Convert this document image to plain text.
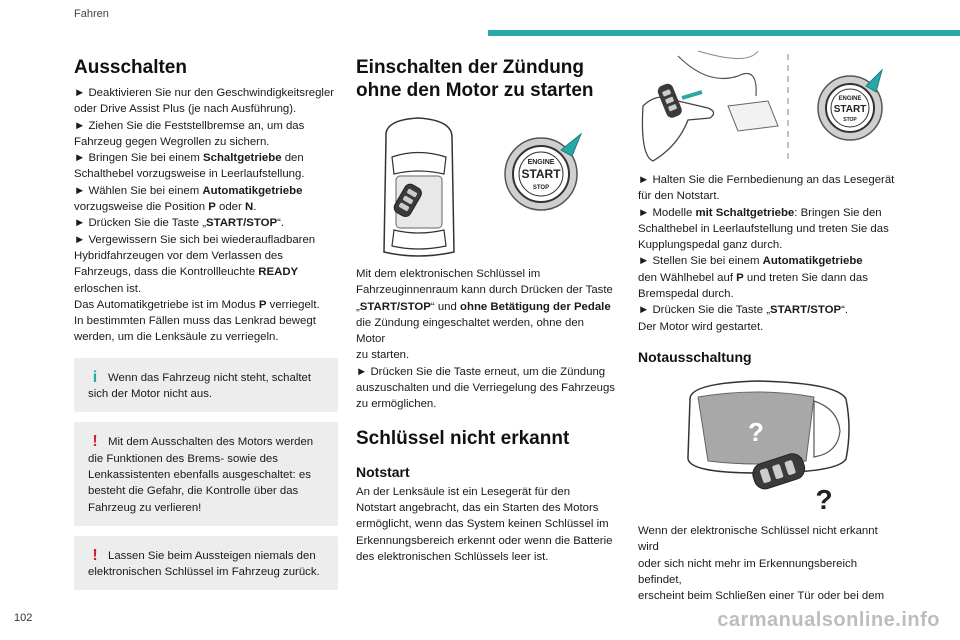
Fahren
Ausschalten
► Deaktivieren Sie nur den Geschwindigkeitsregler
oder Drive Assist Plus (je nach Ausführung).
► Ziehen Sie die Feststellbremse an, um das
Fahrzeug gegen Wegrollen zu sichern.
► Bringen Sie bei einem Schaltgetriebe den
Schalthebel vorzugsweise in Leerlaufstellung.
► Wählen Sie bei einem Automatikgetriebe
vorzugsweise die Position P oder N.
► Drücken Sie die Taste „START/STOP“.
► Vergewissern Sie sich bei wiederaufladbaren
Hybridfahrzeugen vor dem Verlassen des
Fahrzeugs, dass die Kontrollleuchte READY
erloschen ist.
Das Automatikgetriebe ist im Modus P verriegelt.
In bestimmten Fällen muss das Lenkrad bewegt
werden, um die Lenksäule zu verriegeln.
i Wenn das Fahrzeug nicht steht, schaltet sich der Motor nicht aus.
! Mit dem Ausschalten des Motors werden die Funktionen des Brems- sowie des Lenkassistenten ebenfalls ausgeschaltet: es besteht die Gefahr, die Kontrolle über das Fahrzeug zu verlieren!
! Lassen Sie beim Aussteigen niemals den elektronischen Schlüssel im Fahrzeug zurück.
Einschalten der Zündung
ohne den Motor zu starten
ENGINE
START
STOP
Mit dem elektronischen Schlüssel im
Fahrzeuginnenraum kann durch Drücken der Taste
„START/STOP“ und ohne Betätigung der Pedale
die Zündung eingeschaltet werden, ohne den Motor
zu starten.
► Drücken Sie die Taste erneut, um die Zündung
auszuschalten und die Verriegelung des Fahrzeugs
zu ermöglichen.
Schlüssel nicht erkannt
Notstart
An der Lenksäule ist ein Lesegerät für den
Notstart angebracht, das ein Starten des Motors
ermöglicht, wenn das System keinen Schlüssel im
Erkennungsbereich erkennt oder wenn die Batterie
des elektronischen Schlüssels leer ist.
ENGINE
START
STOP
► Halten Sie die Fernbedienung an das Lesegerät
für den Notstart.
► Modelle mit Schaltgetriebe: Bringen Sie den
Schalthebel in Leerlaufstellung und treten Sie das
Kupplungspedal ganz durch.
► Stellen Sie bei einem Automatikgetriebe
den Wählhebel auf P und treten Sie dann das
Bremspedal durch.
► Drücken Sie die Taste „START/STOP“.
Der Motor wird gestartet.
Notausschaltung
?
?
Wenn der elektronische Schlüssel nicht erkannt wird
oder sich nicht mehr im Erkennungsbereich befindet,
erscheint beim Schließen einer Tür oder bei dem
102	carmanualsonline.info
